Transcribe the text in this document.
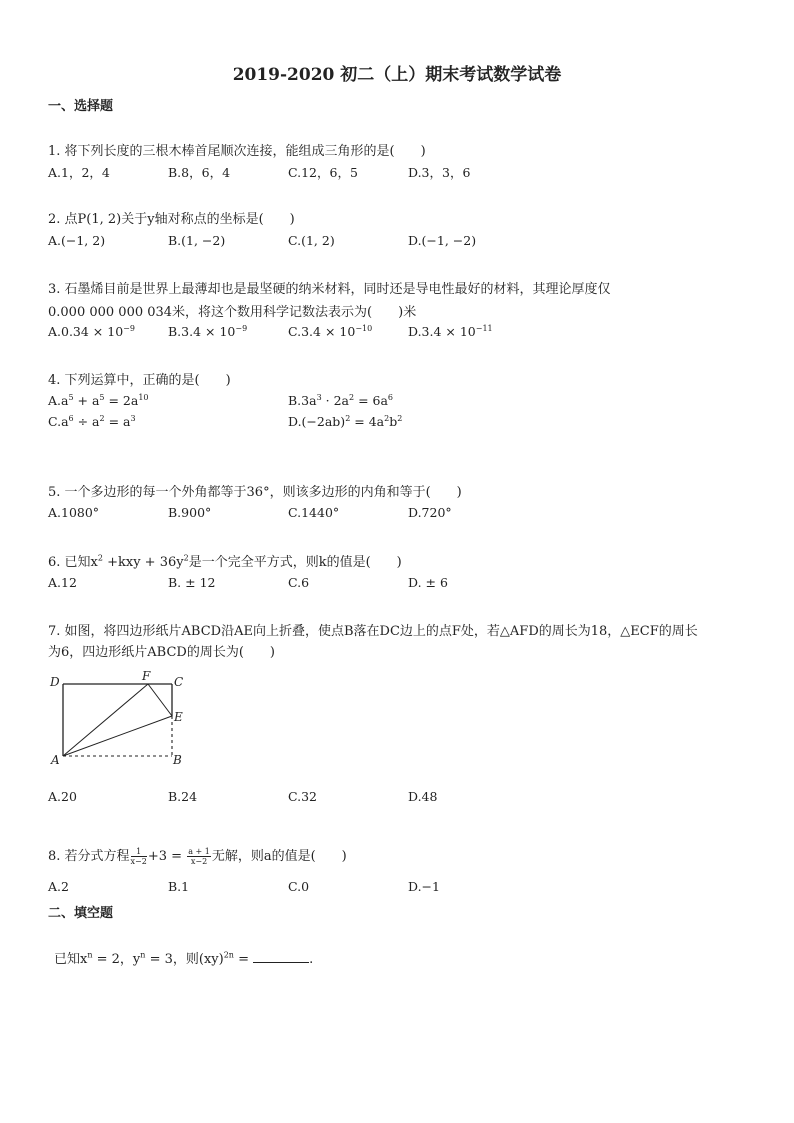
2019-2020 初二（上）期末考试数学试卷
一、选择题
1. 将下列长度的三根木棒首尾顺次连接，能组成三角形的是(　　)
A.1，2，4	B.8，6，4	C.12，6，5	D.3，3，6
2. 点P(1, 2)关于y轴对称点的坐标是(　　)
A.(−1, 2)	B.(1, −2)	C.(1, 2)	D.(−1, −2)
3. 石墨烯目前是世界上最薄却也是最坚硬的纳米材料，同时还是导电性最好的材料，其理论厚度仅
0.000 000 000 034米，将这个数用科学记数法表示为(　　)米
$A.0.34 \times 10^{-9}$	$B.3.4 \times 10^{-9}$	$C.3.4 \times 10^{-10}$	$D.3.4 \times 10^{-11}$
4. 下列运算中，正确的是(　　)
$A.a^5 + a^5 = 2a^{10}$	$B.3a^3 \cdot 2a^2 = 6a^6$
$C.a^6 \div a^2 = a^3$	$D.(-2ab)^2 = 4a^2b^2$
5. 一个多边形的每一个外角都等于36°，则该多边形的内角和等于(　　)
A.1080°	B.900°	C.1440°	D.720°
6. 已知$x^2 +kxy + 36y^2$是一个完全平方式，则k的值是(　　)
A.12	B. ± 12	C.6	D. ± 6
7. 如图，将四边形纸片ABCD沿AE向上折叠，使点B落在DC边上的点F处，若△AFD的周长为18，△ECF的周长
为6，四边形纸片ABCD的周长为(　　)
D	F C
E
A	B
A.20	B.24	C.32	D.48
8. 若分式方程 $\frac{1}{x-2} +3 = \frac{a + 1}{x-2}$ 无解，则a的值是(　　)
A.2	B.1	C.0	D.−1
二、填空题
已知$x^n = 2$，$y^n = 3$，则(xy)$^{2n}$ =	.
